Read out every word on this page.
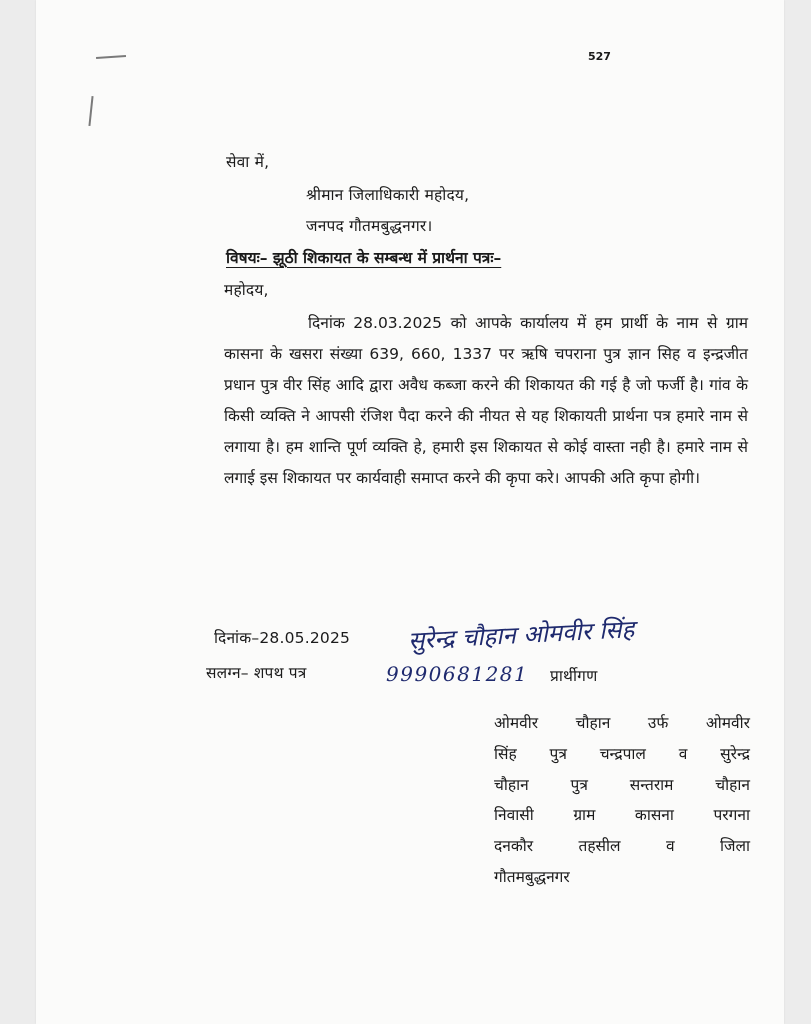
527
सेवा में,
श्रीमान जिलाधिकारी महोदय,
जनपद गौतमबुद्धनगर।
विषयः– झूठी शिकायत के सम्बन्ध में प्रार्थना पत्रः–
महोदय,
दिनांक 28.03.2025 को आपके कार्यालय में हम प्रार्थी के नाम से ग्राम कासना के खसरा संख्या 639, 660, 1337 पर ऋषि चपराना पुत्र ज्ञान सिह व इन्द्रजीत प्रधान पुत्र वीर सिंह आदि द्वारा अवैध कब्जा करने की शिकायत की गई है जो फर्जी है। गांव के किसी व्यक्ति ने आपसी रंजिश पैदा करने की नीयत से यह शिकायती प्रार्थना पत्र हमारे नाम से लगाया है। हम शान्ति पूर्ण व्यक्ति हे, हमारी इस शिकायत से कोई वास्ता नही है। हमारे नाम से लगाई इस शिकायत पर कार्यवाही समाप्त करने की कृपा करे। आपकी अति कृपा होगी।
दिनांक–28.05.2025
सलग्न– शपथ पत्र
सुरेन्द्र चौहान ओमवीर सिंह
9990681281 प्रार्थीगण
ओमवीर चौहान उर्फ ओमवीर
सिंह पुत्र चन्द्रपाल व सुरेन्द्र
चौहान पुत्र सन्तराम चौहान
निवासी ग्राम कासना परगना
दनकौर तहसील व जिला
गौतमबुद्धनगर
